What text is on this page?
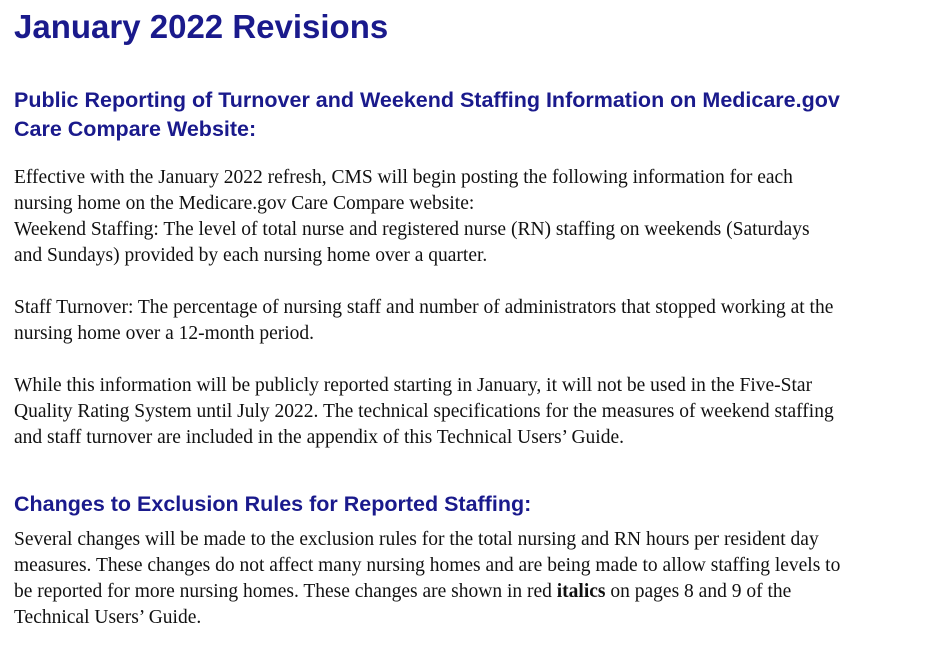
January 2022 Revisions
Public Reporting of Turnover and Weekend Staffing Information on Medicare.gov
Care Compare Website:

Effective with the January 2022 refresh, CMS will begin posting the following information for each
nursing home on the Medicare.gov Care Compare website:
Weekend Staffing: The level of total nurse and registered nurse (RN) staffing on weekends (Saturdays
and Sundays) provided by each nursing home over a quarter.

Staff Turnover: The percentage of nursing staff and number of administrators that stopped working at the
nursing home over a 12-month period.

While this information will be publicly reported starting in January, it will not be used in the Five-Star
Quality Rating System until July 2022. The technical specifications for the measures of weekend staffing
and staff turnover are included in the appendix of this Technical Users’ Guide.

Changes to Exclusion Rules for Reported Staffing:

Several changes will be made to the exclusion rules for the total nursing and RN hours per resident day
measures. These changes do not affect many nursing homes and are being made to allow staffing levels to
be reported for more nursing homes. These changes are shown in red italics on pages 8 and 9 of the
Technical Users’ Guide.
